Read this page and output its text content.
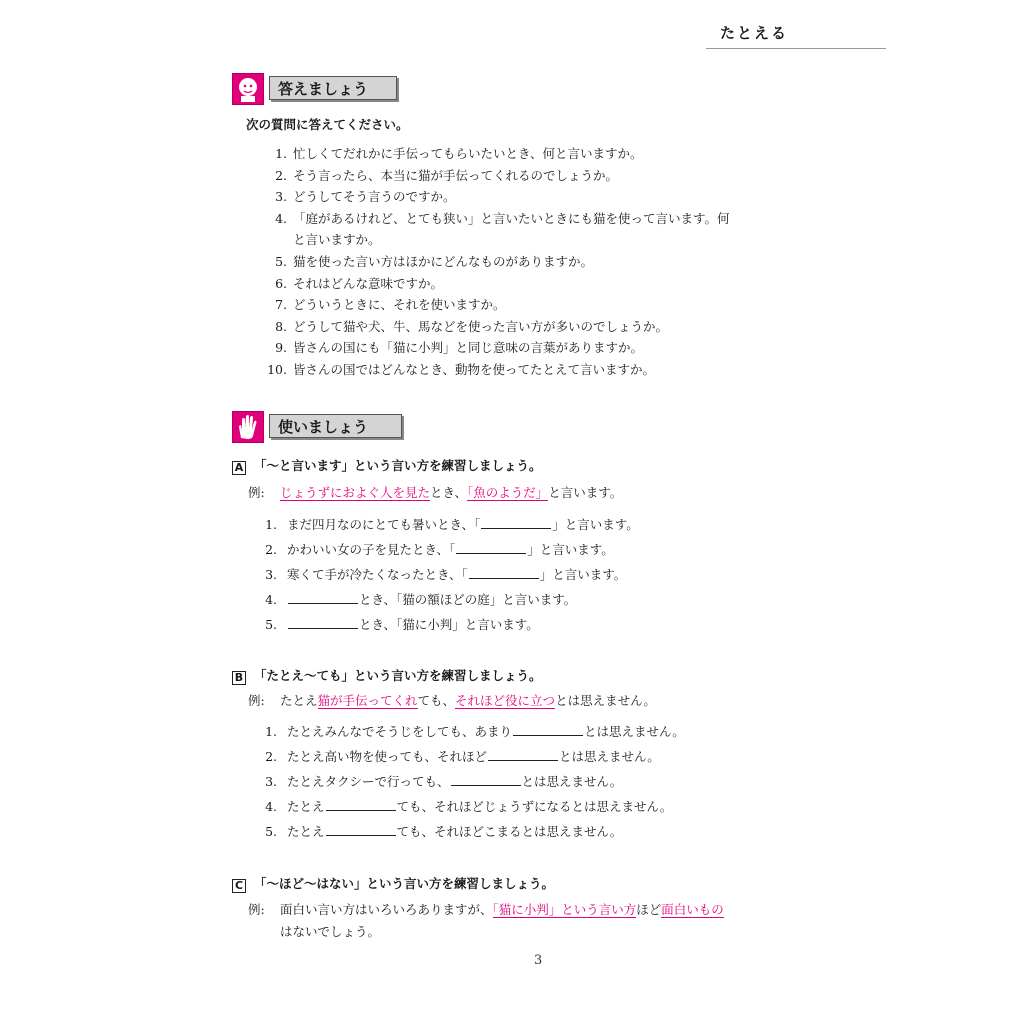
たとえる
答えましょう
次の質問に答えてください。
1. 忙しくてだれかに手伝ってもらいたいとき、何と言いますか。
2. そう言ったら、本当に猫が手伝ってくれるのでしょうか。
3. どうしてそう言うのですか。
4. 「庭があるけれど、とても狭い」と言いたいときにも猫を使って言います。何
と言いますか。
5. 猫を使った言い方はほかにどんなものがありますか。
6. それはどんな意味ですか。
7. どういうときに、それを使いますか。
8. どうして猫や犬、牛、馬などを使った言い方が多いのでしょうか。
9. 皆さんの国にも「猫に小判」と同じ意味の言葉がありますか。
10. 皆さんの国ではどんなとき、動物を使ってたとえて言いますか。
使いましょう
A 「〜と言います」という言い方を練習しましょう。
例: じょうずにおよぐ人を見たとき、「魚のようだ」と言います。
1. まだ四月なのにとても暑いとき、「	」と言います。
2. かわいい女の子を見たとき、「	」と言います。
3. 寒くて手が冷たくなったとき、「	」と言います。
4.	とき、「猫の額ほどの庭」と言います。
5.	とき、「猫に小判」と言います。
B 「たとえ〜ても」という言い方を練習しましょう。
例: たとえ猫が手伝ってくれても、それほど役に立つとは思えません。
1. たとえみんなでそうじをしても、あまり	とは思えません。
2. たとえ高い物を使っても、それほど	とは思えません。
3. たとえタクシーで行っても、	とは思えません。
4. たとえ	ても、それほどじょうずになるとは思えません。
5. たとえ	ても、それほどこまるとは思えません。
C 「〜ほど〜はない」という言い方を練習しましょう。
例: 面白い言い方はいろいろありますが、「猫に小判」という言い方ほど面白いもの
はないでしょう。
3
